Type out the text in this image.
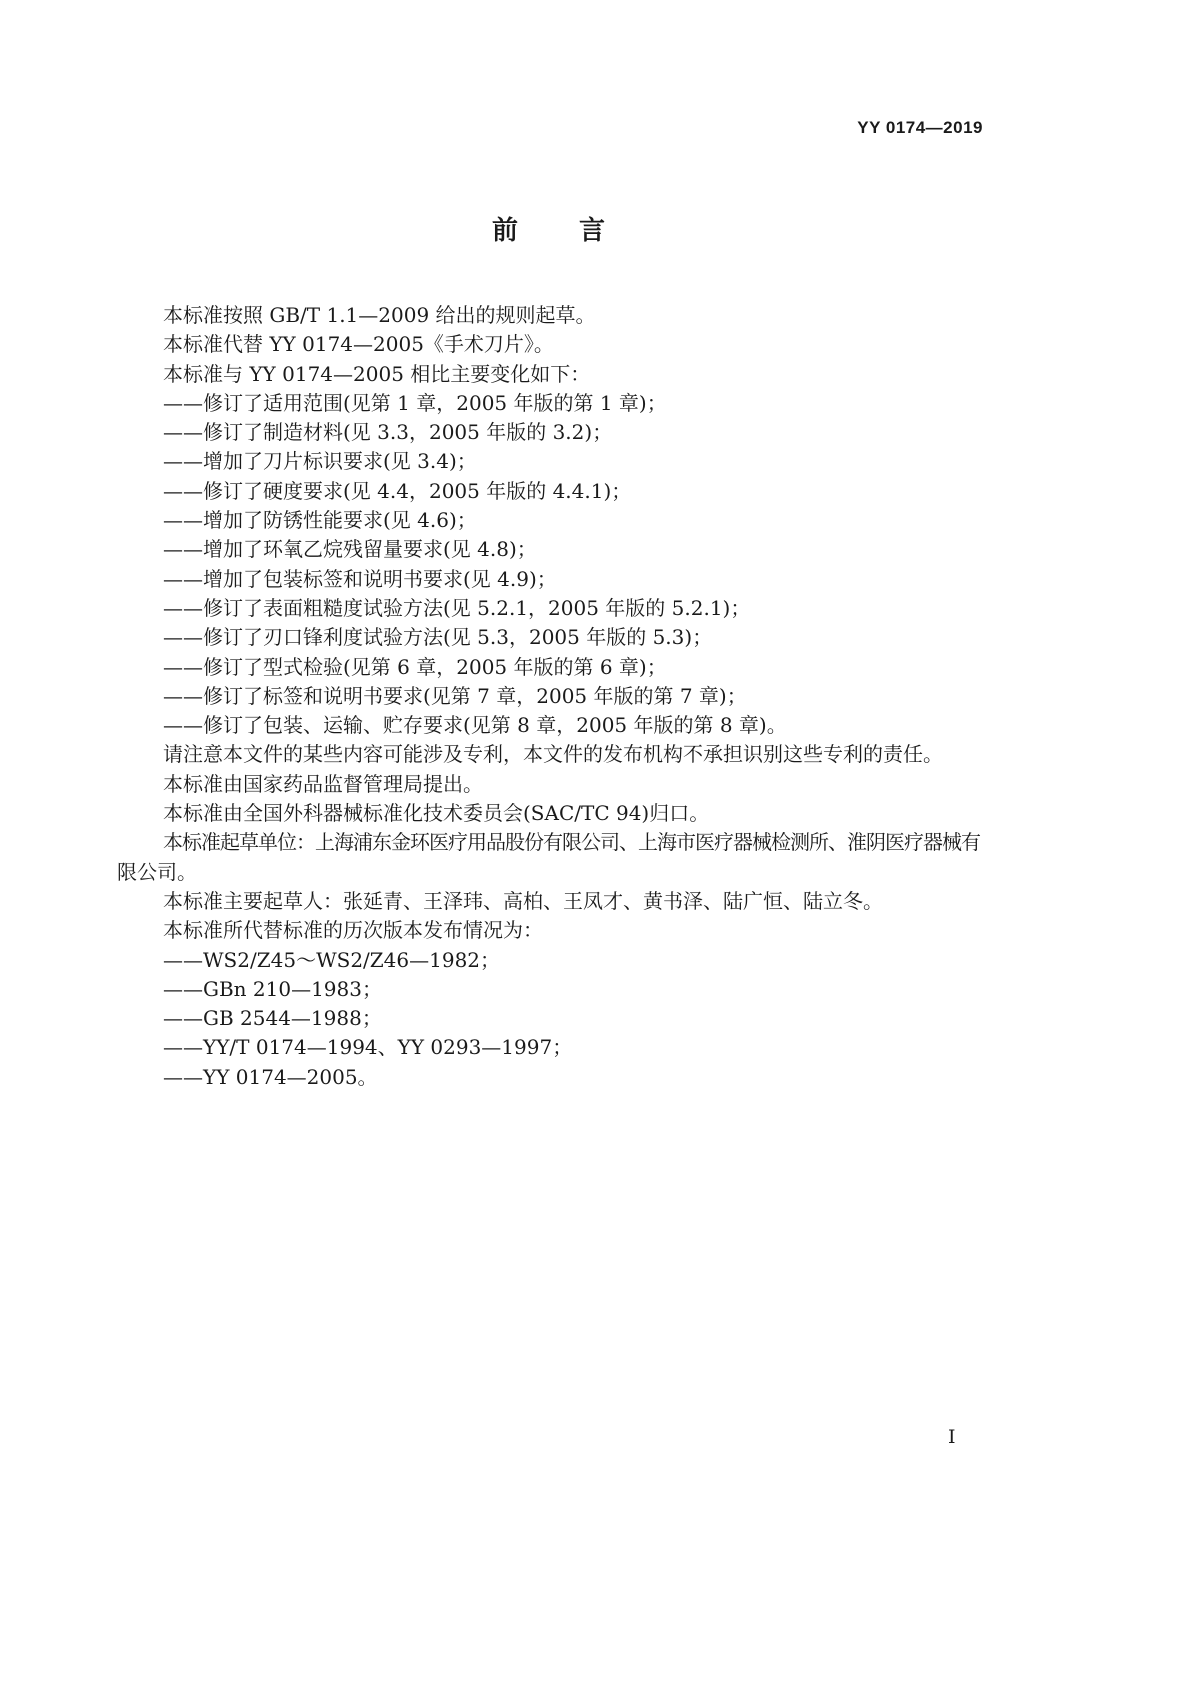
YY 0174—2019
前　　言
本标准按照 GB/T 1.1—2009 给出的规则起草。
本标准代替 YY 0174—2005《手术刀片》。
本标准与 YY 0174—2005 相比主要变化如下：
——修订了适用范围(见第 1 章，2005 年版的第 1 章)；
——修订了制造材料(见 3.3，2005 年版的 3.2)；
——增加了刀片标识要求(见 3.4)；
——修订了硬度要求(见 4.4，2005 年版的 4.4.1)；
——增加了防锈性能要求(见 4.6)；
——增加了环氧乙烷残留量要求(见 4.8)；
——增加了包装标签和说明书要求(见 4.9)；
——修订了表面粗糙度试验方法(见 5.2.1，2005 年版的 5.2.1)；
——修订了刃口锋利度试验方法(见 5.3，2005 年版的 5.3)；
——修订了型式检验(见第 6 章，2005 年版的第 6 章)；
——修订了标签和说明书要求(见第 7 章，2005 年版的第 7 章)；
——修订了包装、运输、贮存要求(见第 8 章，2005 年版的第 8 章)。
请注意本文件的某些内容可能涉及专利，本文件的发布机构不承担识别这些专利的责任。
本标准由国家药品监督管理局提出。
本标准由全国外科器械标准化技术委员会(SAC/TC 94)归口。
本标准起草单位：上海浦东金环医疗用品股份有限公司、上海市医疗器械检测所、淮阴医疗器械有
限公司。
本标准主要起草人：张延青、王泽玮、高柏、王凤才、黄书泽、陆广恒、陆立冬。
本标准所代替标准的历次版本发布情况为：
——WS2/Z45～WS2/Z46—1982；
——GBn 210—1983；
——GB 2544—1988；
——YY/T 0174—1994、YY 0293—1997；
——YY 0174—2005。
I
